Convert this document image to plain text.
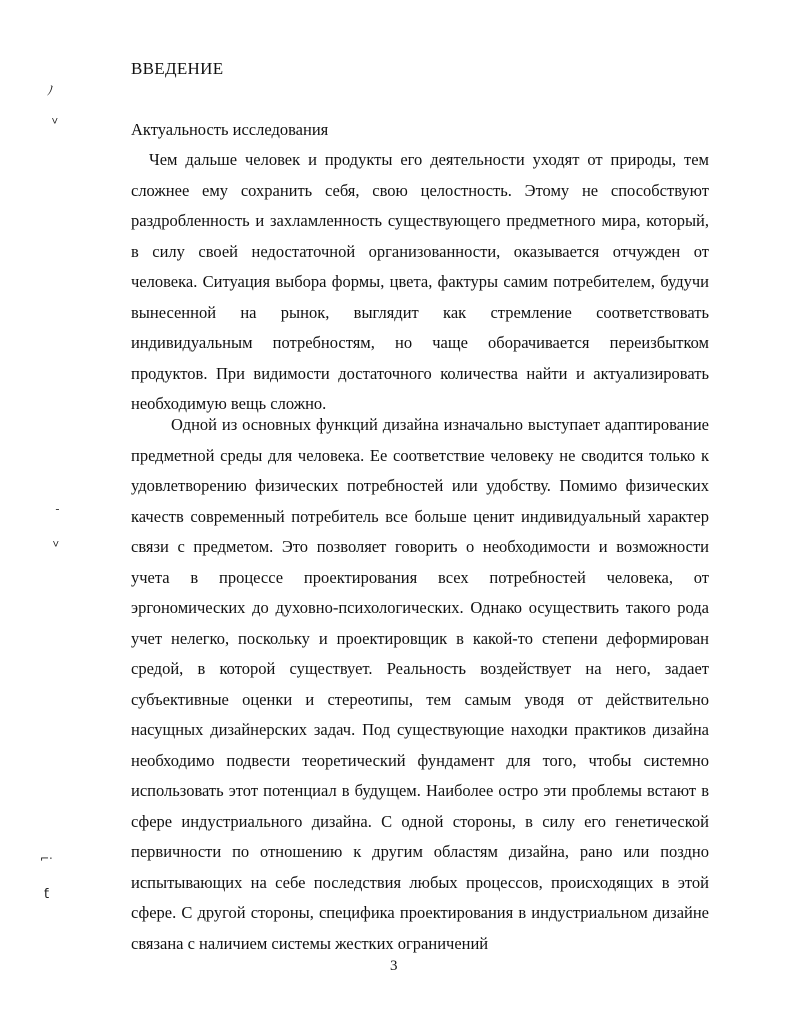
ﾉ
ⱽ
╴
ⱽ
⌐⋅
ƭ
ВВЕДЕНИЕ
Актуальность исследования

Чем дальше человек и продукты его деятельности уходят от природы, тем сложнее ему сохранить себя, свою целостность. Этому не способствуют раздробленность и захламленность существующего предметного мира, который, в силу своей недостаточной организованности, оказывается отчужден от человека. Ситуация выбора формы, цвета, фактуры самим потребителем, будучи вынесенной на рынок, выглядит как стремление соответствовать индивидуальным потребностям, но чаще оборачивается переизбытком продуктов. При видимости достаточного количества найти и актуализировать необходимую вещь сложно.

Одной из основных функций дизайна изначально выступает адаптирование предметной среды для человека. Ее соответствие человеку не сводится только к удовлетворению физических потребностей или удобству. Помимо физических качеств современный потребитель все больше ценит индивидуальный характер связи с предметом. Это позволяет говорить о необходимости и возможности учета в процессе проектирования всех потребностей человека, от эргономических до духовно-психологических. Однако осуществить такого рода учет нелегко, поскольку и проектировщик в какой-то степени деформирован средой, в которой существует. Реальность воздействует на него, задает субъективные оценки и стереотипы, тем самым уводя от действительно насущных дизайнерских задач. Под существующие находки практиков дизайна необходимо подвести теоретический фундамент для того, чтобы системно использовать этот потенциал в будущем. Наиболее остро эти проблемы встают в сфере индустриального дизайна. С одной стороны, в силу его генетической первичности по отношению к другим областям дизайна, рано или поздно испытывающих на себе последствия любых процессов, происходящих в этой сфере. С другой стороны, специфика проектирования в индустриальном дизайне связана с наличием системы жестких ограничений

3
